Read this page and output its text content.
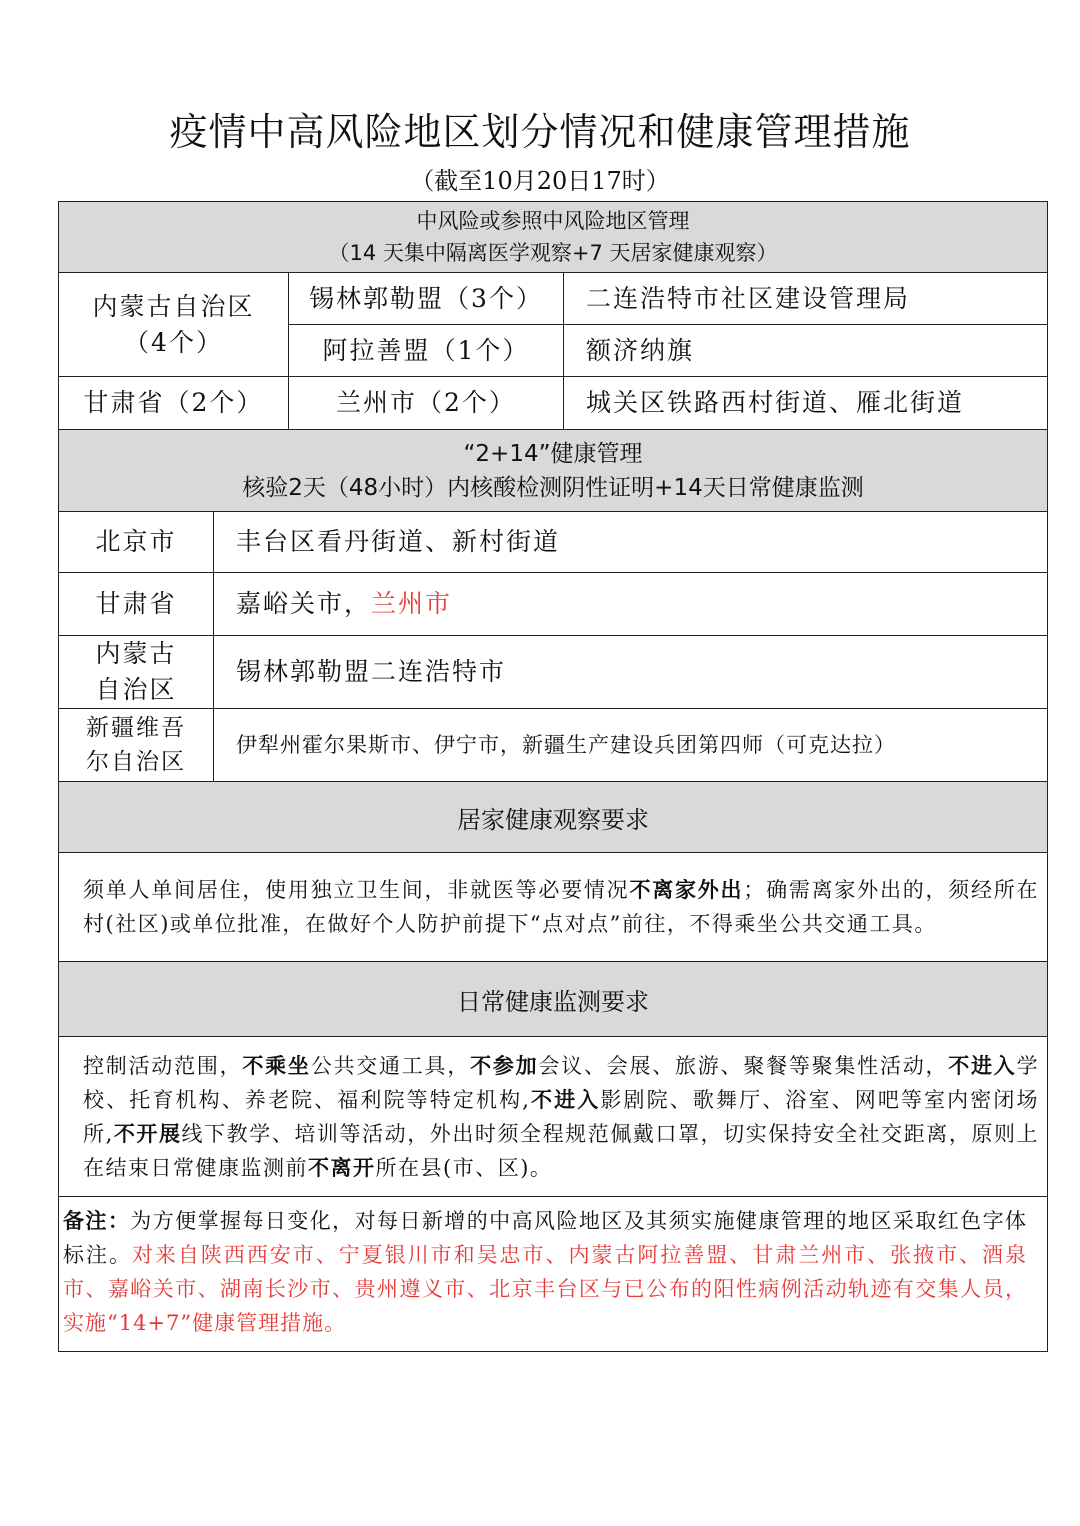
疫情中高风险地区划分情况和健康管理措施
（截至10月20日17时）
中风险或参照中风险地区管理
（14 天集中隔离医学观察+7 天居家健康观察）			

内蒙古自治区
（4个）		锡林郭勒盟（3个）	二连浩特市社区建设管理局
		阿拉善盟（1个）	额济纳旗
甘肃省（2个）		兰州市（2个）	城关区铁路西村街道、雁北街道

“2+14”健康管理
核验2天（48小时）内核酸检测阴性证明+14天日常健康监测			

北京市	丰台区看丹街道、新村街道		
甘肃省	嘉峪关市，兰州市		

内蒙古
自治区	锡林郭勒盟二连浩特市		

新疆维吾
尔自治区	伊犁州霍尔果斯市、伊宁市，新疆生产建设兵团第四师（可克达拉）		
居家健康观察要求			
须单人单间居住，使用独立卫生间，非就医等必要情况不离家外出；确需离家外出的，须经所在村(社区)或单位批准，在做好个人防护前提下“点对点”前往，不得乘坐公共交通工具。			
日常健康监测要求			
控制活动范围，不乘坐公共交通工具，不参加会议、会展、旅游、聚餐等聚集性活动，不进入学校、托育机构、养老院、福利院等特定机构,不进入影剧院、歌舞厅、浴室、网吧等室内密闭场所,不开展线下教学、培训等活动，外出时须全程规范佩戴口罩，切实保持安全社交距离，原则上在结束日常健康监测前不离开所在县(市、区)。			
备注：为方便掌握每日变化，对每日新增的中高风险地区及其须实施健康管理的地区采取红色字体标注。对来自陕西西安市、宁夏银川市和吴忠市、内蒙古阿拉善盟、甘肃兰州市、张掖市、酒泉市、嘉峪关市、湖南长沙市、贵州遵义市、北京丰台区与已公布的阳性病例活动轨迹有交集人员，实施“14+7”健康管理措施。			
